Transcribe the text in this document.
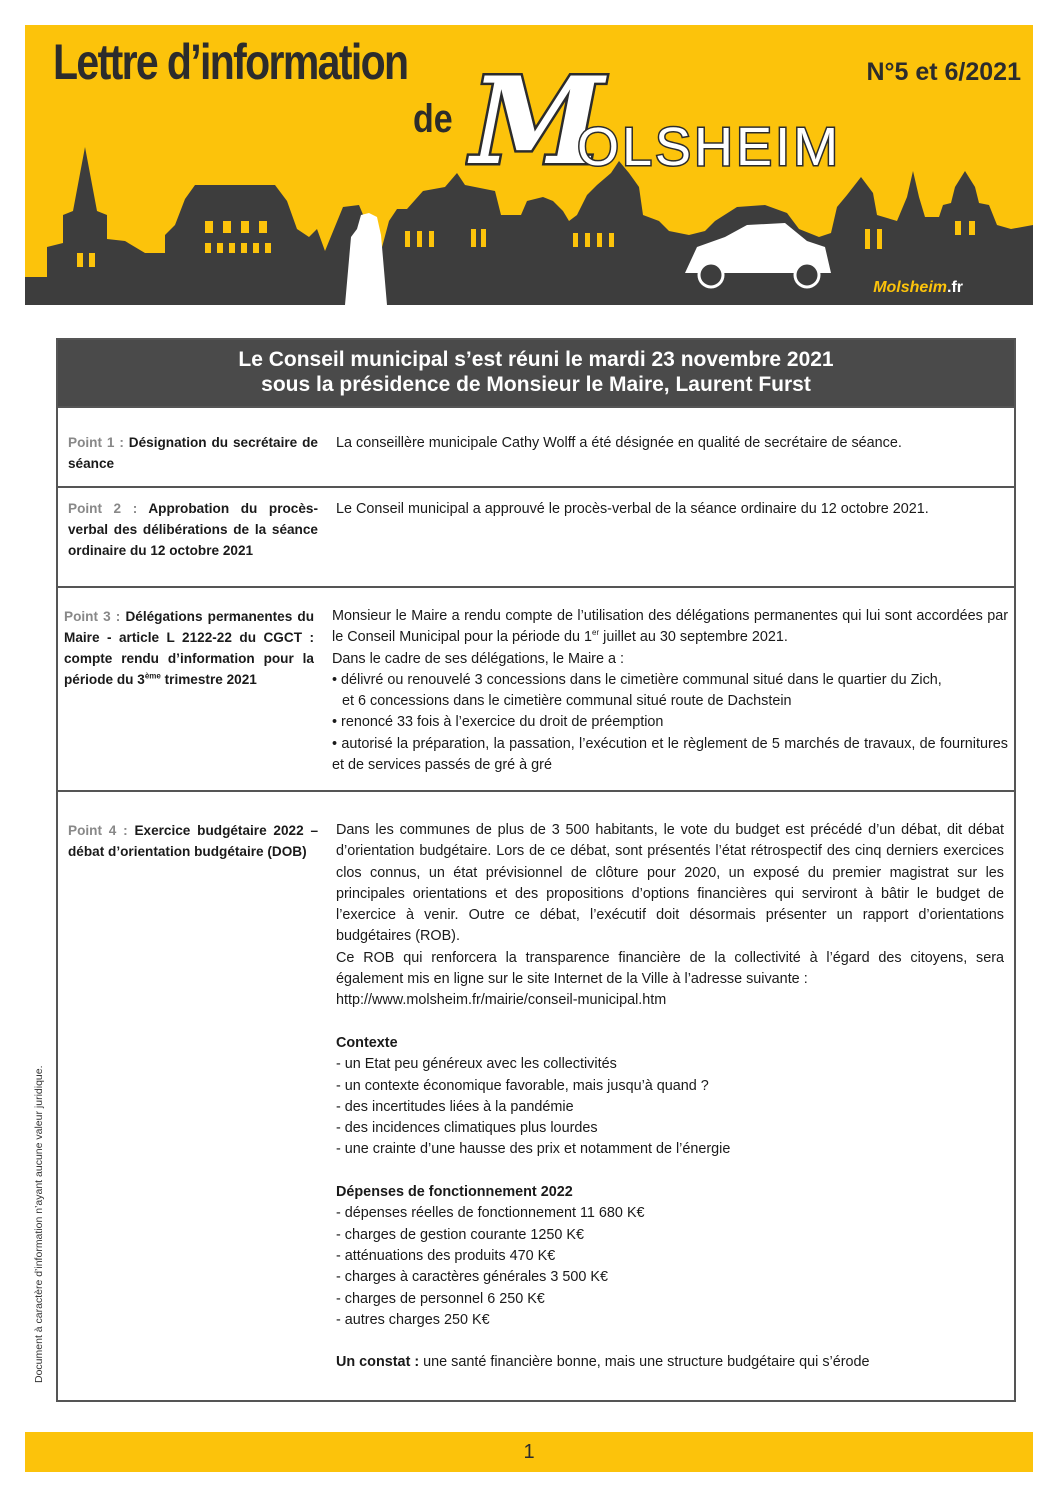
Lettre d’information
de M
OLSHEIM
N°5 et 6/2021
Molsheim.fr
Le Conseil municipal s’est réuni le mardi 23 novembre 2021
sous la présidence de Monsieur le Maire, Laurent Furst
Point 1 : Désignation du secrétaire de séance

La conseillère municipale Cathy Wolff a été désignée en qualité de secrétaire de séance.

Point 2 : Approbation du procès-verbal des délibérations de la séance ordinaire du 12 octobre 2021

Le Conseil municipal a approuvé le procès-verbal de la séance ordinaire du 12 octobre 2021.

Point 3 : Délégations permanentes du Maire - article L 2122-22 du CGCT : compte rendu d’information pour la période du 3ème trimestre 2021

Monsieur le Maire a rendu compte de l’utilisation des délégations permanentes qui lui sont accordées par le Conseil Municipal pour la période du 1er juillet au 30 septembre 2021.

Dans le cadre de ses délégations, le Maire a :

• délivré ou renouvelé 3 concessions dans le cimetière communal situé dans le quartier du Zich,

et 6 concessions dans le cimetière communal situé route de Dachstein

• renoncé 33 fois à l’exercice du droit de préemption

• autorisé la préparation, la passation, l’exécution et le règlement de 5 marchés de travaux, de fournitures et de services passés de gré à gré

Point 4 : Exercice budgétaire 2022 – débat d’orientation budgétaire (DOB)

Dans les communes de plus de 3 500 habitants, le vote du budget est précédé d’un débat, dit débat d’orientation budgétaire. Lors de ce débat, sont présentés l’état rétrospectif des cinq derniers exercices clos connus, un état prévisionnel de clôture pour 2020, un exposé du premier magistrat sur les principales orientations et des propositions d’options financières qui serviront à bâtir le budget de l’exercice à venir. Outre ce débat, l’exécutif doit désormais présenter un rapport d’orientations budgétaires (ROB).

Ce ROB qui renforcera la transparence financière de la collectivité à l’égard des citoyens, sera également mis en ligne sur le site Internet de la Ville à l’adresse suivante :

http://www.molsheim.fr/mairie/conseil-municipal.htm

Contexte

- un Etat peu généreux avec les collectivités

- un contexte économique favorable, mais jusqu’à quand ?

- des incertitudes liées à la pandémie

- des incidences climatiques plus lourdes

- une crainte d’une hausse des prix et notamment de l’énergie

Dépenses de fonctionnement 2022

- dépenses réelles de fonctionnement 11 680 K€

- charges de gestion courante 1250 K€

- atténuations des produits 470 K€

- charges à caractères générales 3 500 K€

- charges de personnel 6 250 K€

- autres charges 250 K€

Un constat : une santé financière bonne, mais une structure budgétaire qui s’érode

Document à caractère d’information n’ayant aucune valeur juridique.
1
